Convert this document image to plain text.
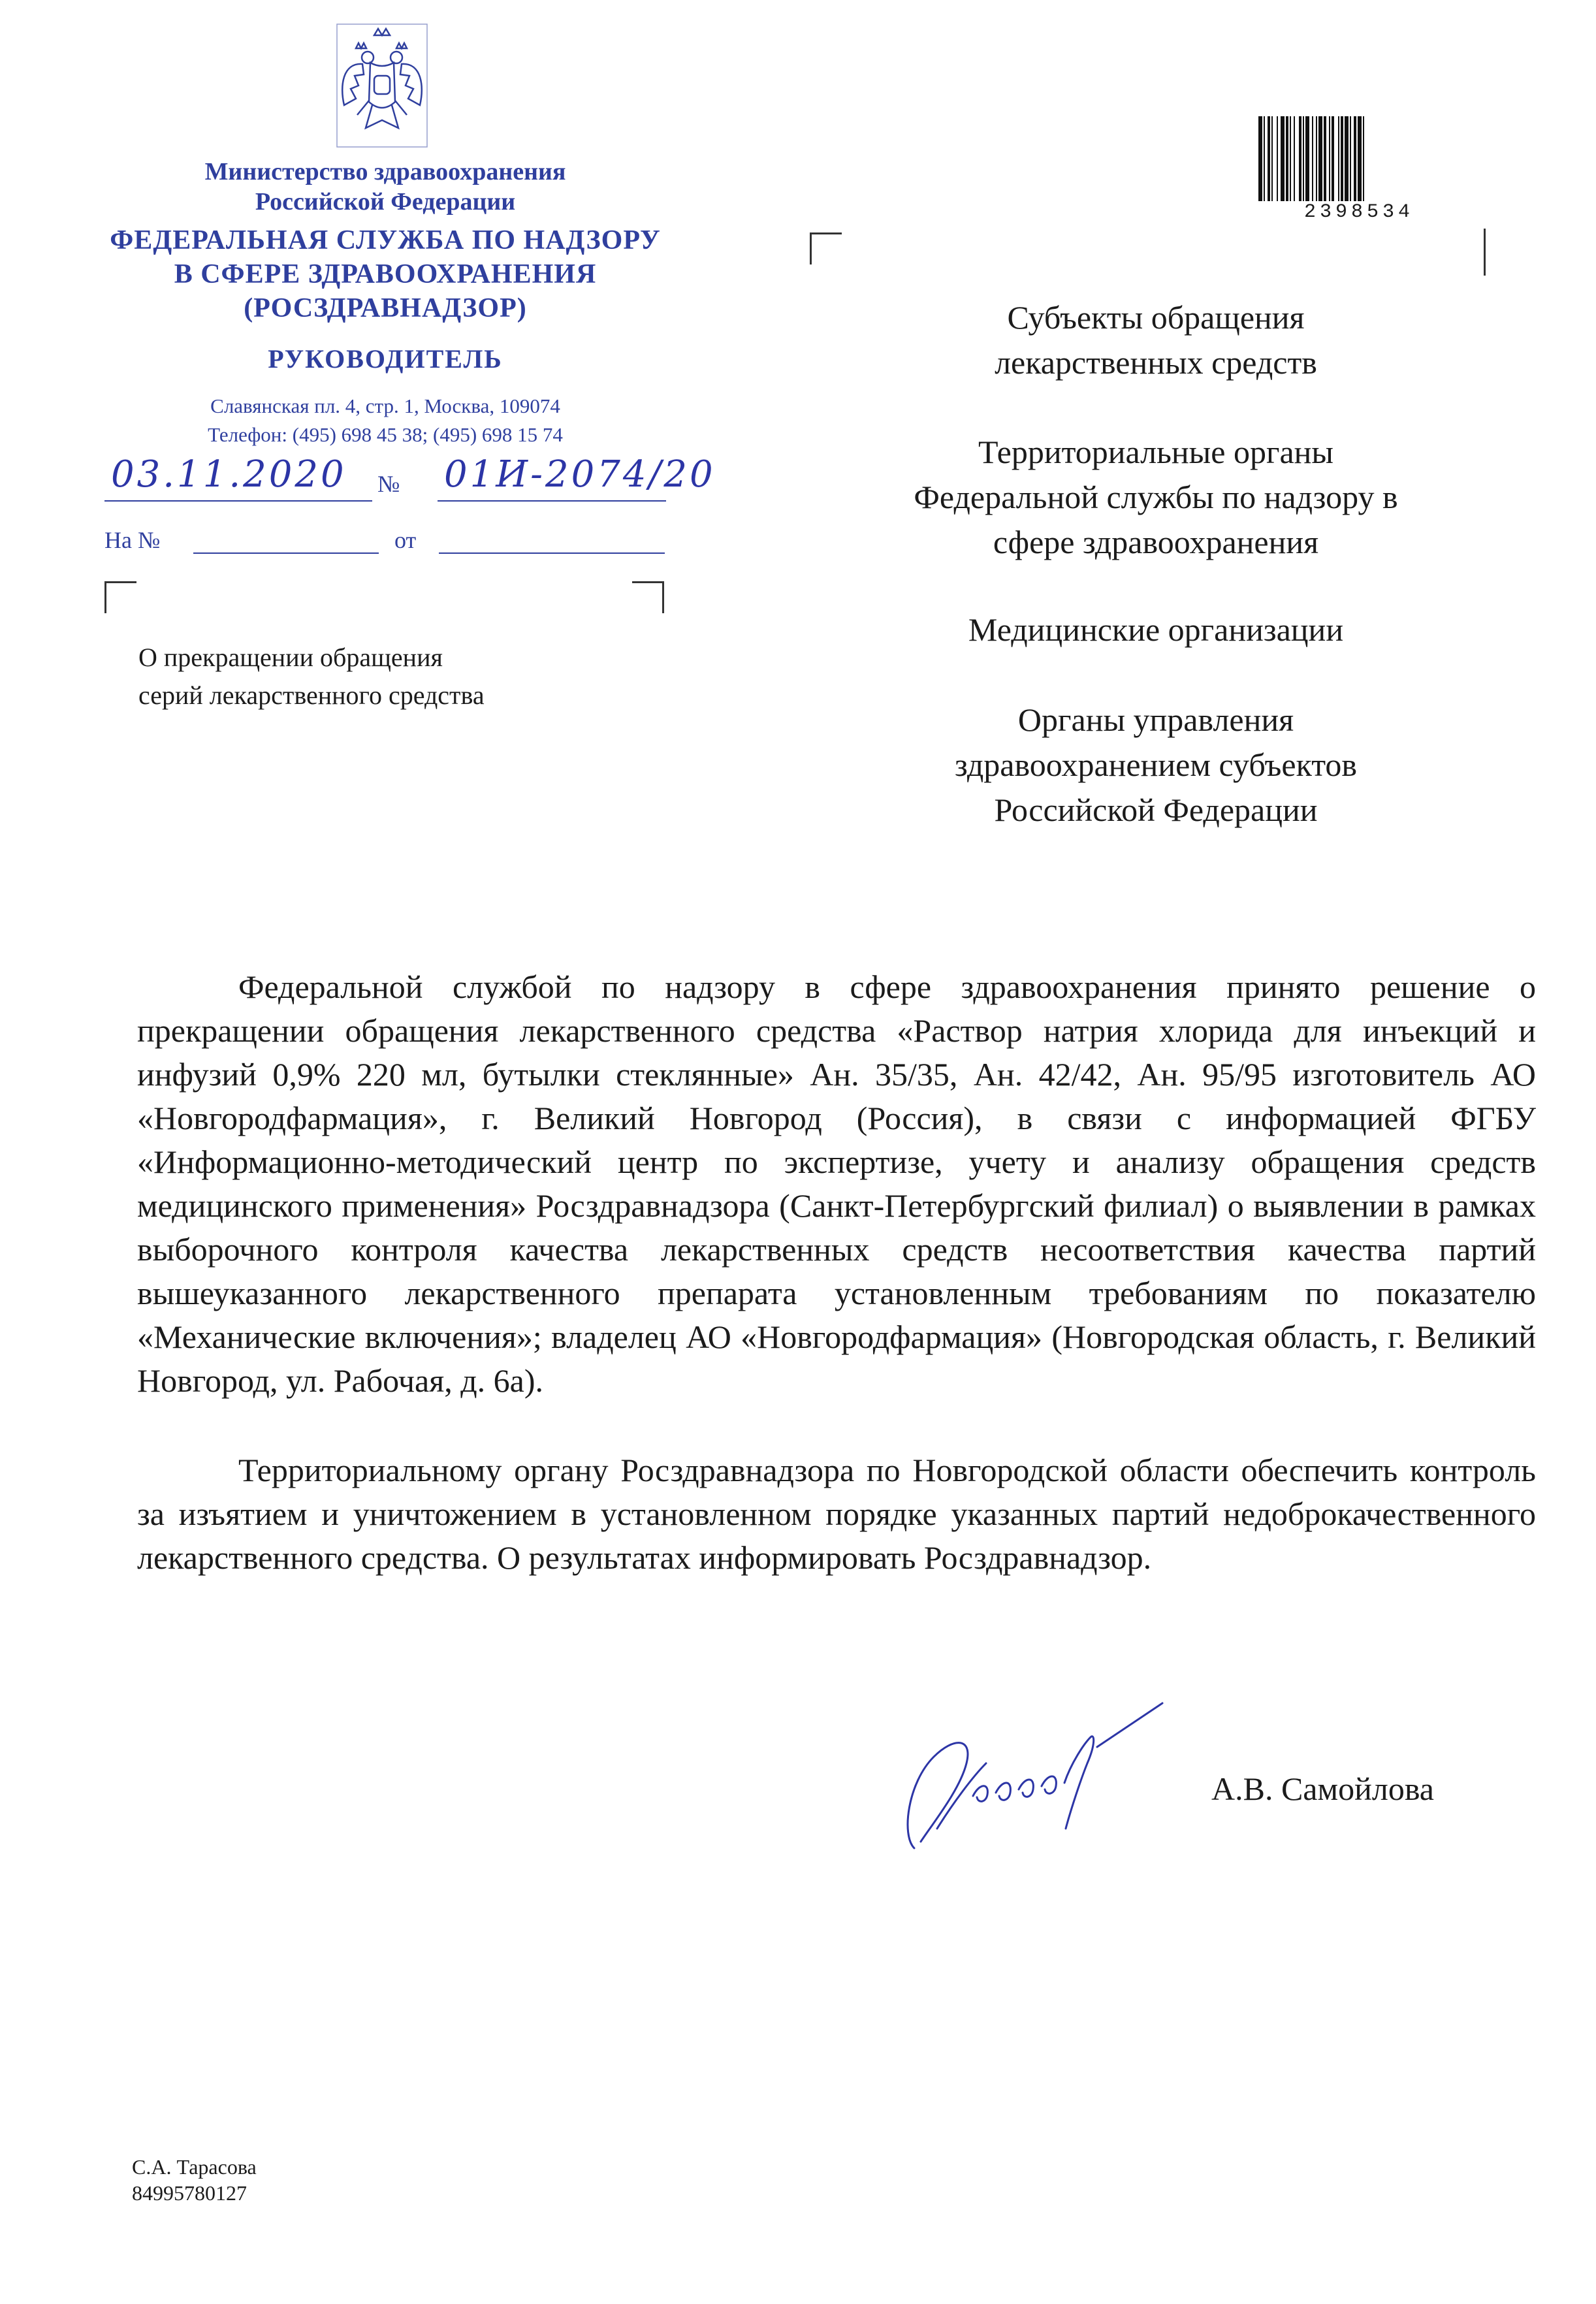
Министерство здравоохранения
Российской Федерации
ФЕДЕРАЛЬНАЯ СЛУЖБА ПО НАДЗОРУ
В СФЕРЕ ЗДРАВООХРАНЕНИЯ
(РОСЗДРАВНАДЗОР)
РУКОВОДИТЕЛЬ
Славянская пл. 4, стр. 1, Москва, 109074
Телефон: (495) 698 45 38; (495) 698 15 74
03.11.2020 № 01И-2074/20
На №	от
О прекращении обращения
серий лекарственного средства
2398534
Субъекты обращения
лекарственных средств
Территориальные органы
Федеральной службы по надзору в
сфере здравоохранения
Медицинские организации
Органы управления
здравоохранением субъектов
Российской Федерации

Федеральной службой по надзору в сфере здравоохранения принято решение о прекращении обращения лекарственного средства «Раствор натрия хлорида для инъекций и инфузий 0,9% 220 мл, бутылки стеклянные» Ан. 35/35, Ан. 42/42, Ан. 95/95 изготовитель АО «Новгородфармация», г. Великий Новгород (Россия), в связи с информацией ФГБУ «Информационно-методический центр по экспертизе, учету и анализу обращения средств медицинского применения» Росздравнадзора (Санкт-Петербургский филиал) о выявлении в рамках выборочного контроля качества лекарственных средств несоответствия качества партий вышеуказанного лекарственного препарата установленным требованиям по показателю «Механические включения»; владелец АО «Новгородфармация» (Новгородская область, г. Великий Новгород, ул. Рабочая, д. 6а).

Территориальному органу Росздравнадзора по Новгородской области обеспечить контроль за изъятием и уничтожением в установленном порядке указанных партий недоброкачественного лекарственного средства. О результатах информировать Росздравнадзор.

А.В. Самойлова
С.А. Тарасова
84995780127
